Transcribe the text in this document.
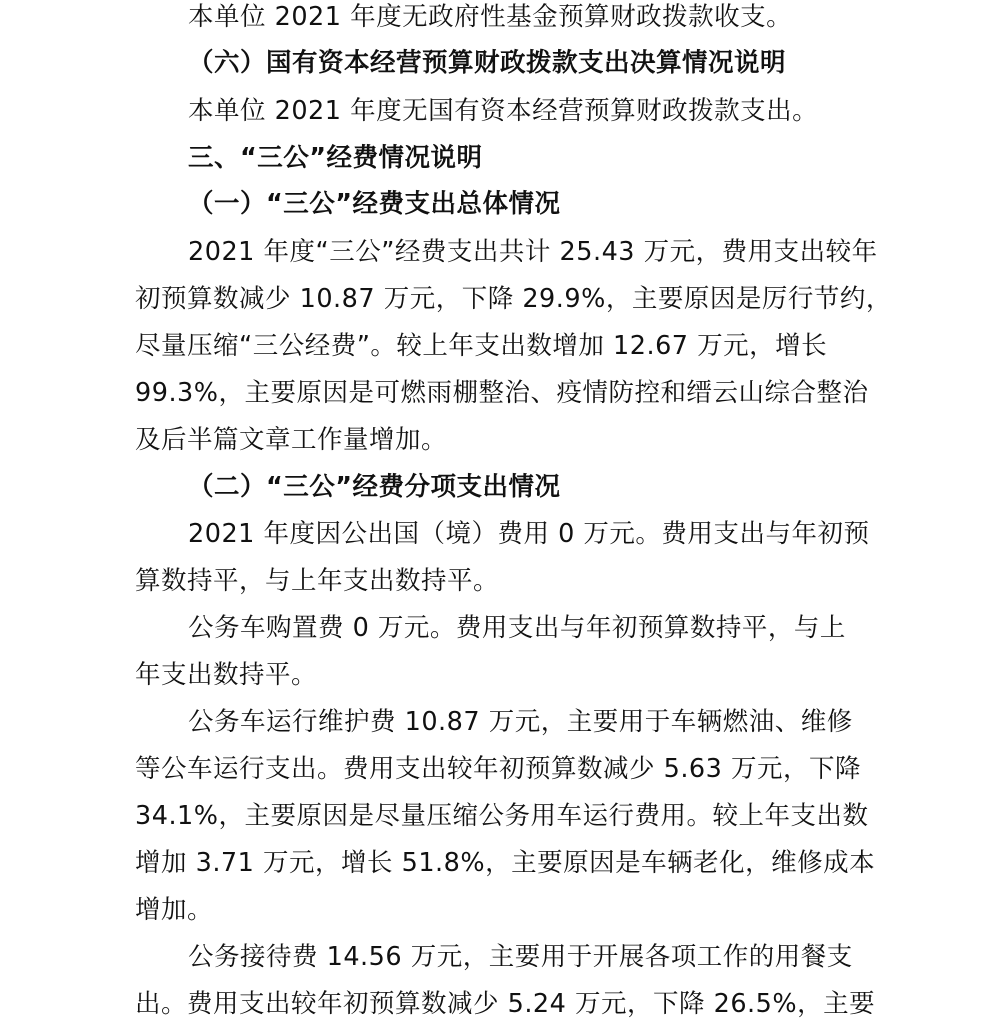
本单位 2021 年度无政府性基金预算财政拨款收支。
（六）国有资本经营预算财政拨款支出决算情况说明
本单位 2021 年度无国有资本经营预算财政拨款支出。
三、“三公”经费情况说明
（一）“三公”经费支出总体情况
2021 年度“三公”经费支出共计 25.43 万元，费用支出较年
初预算数减少 10.87 万元，下降 29.9%，主要原因是厉行节约，
尽量压缩“三公经费”。较上年支出数增加 12.67 万元，增长
99.3%，主要原因是可燃雨棚整治、疫情防控和缙云山综合整治
及后半篇文章工作量增加。
（二）“三公”经费分项支出情况
2021 年度因公出国（境）费用 0 万元。费用支出与年初预
算数持平，与上年支出数持平。
公务车购置费 0 万元。费用支出与年初预算数持平，与上
年支出数持平。
公务车运行维护费 10.87 万元，主要用于车辆燃油、维修
等公车运行支出。费用支出较年初预算数减少 5.63 万元，下降
34.1%，主要原因是尽量压缩公务用车运行费用。较上年支出数
增加 3.71 万元，增长 51.8%，主要原因是车辆老化，维修成本
增加。
公务接待费 14.56 万元，主要用于开展各项工作的用餐支
出。费用支出较年初预算数减少 5.24 万元，下降 26.5%，主要
